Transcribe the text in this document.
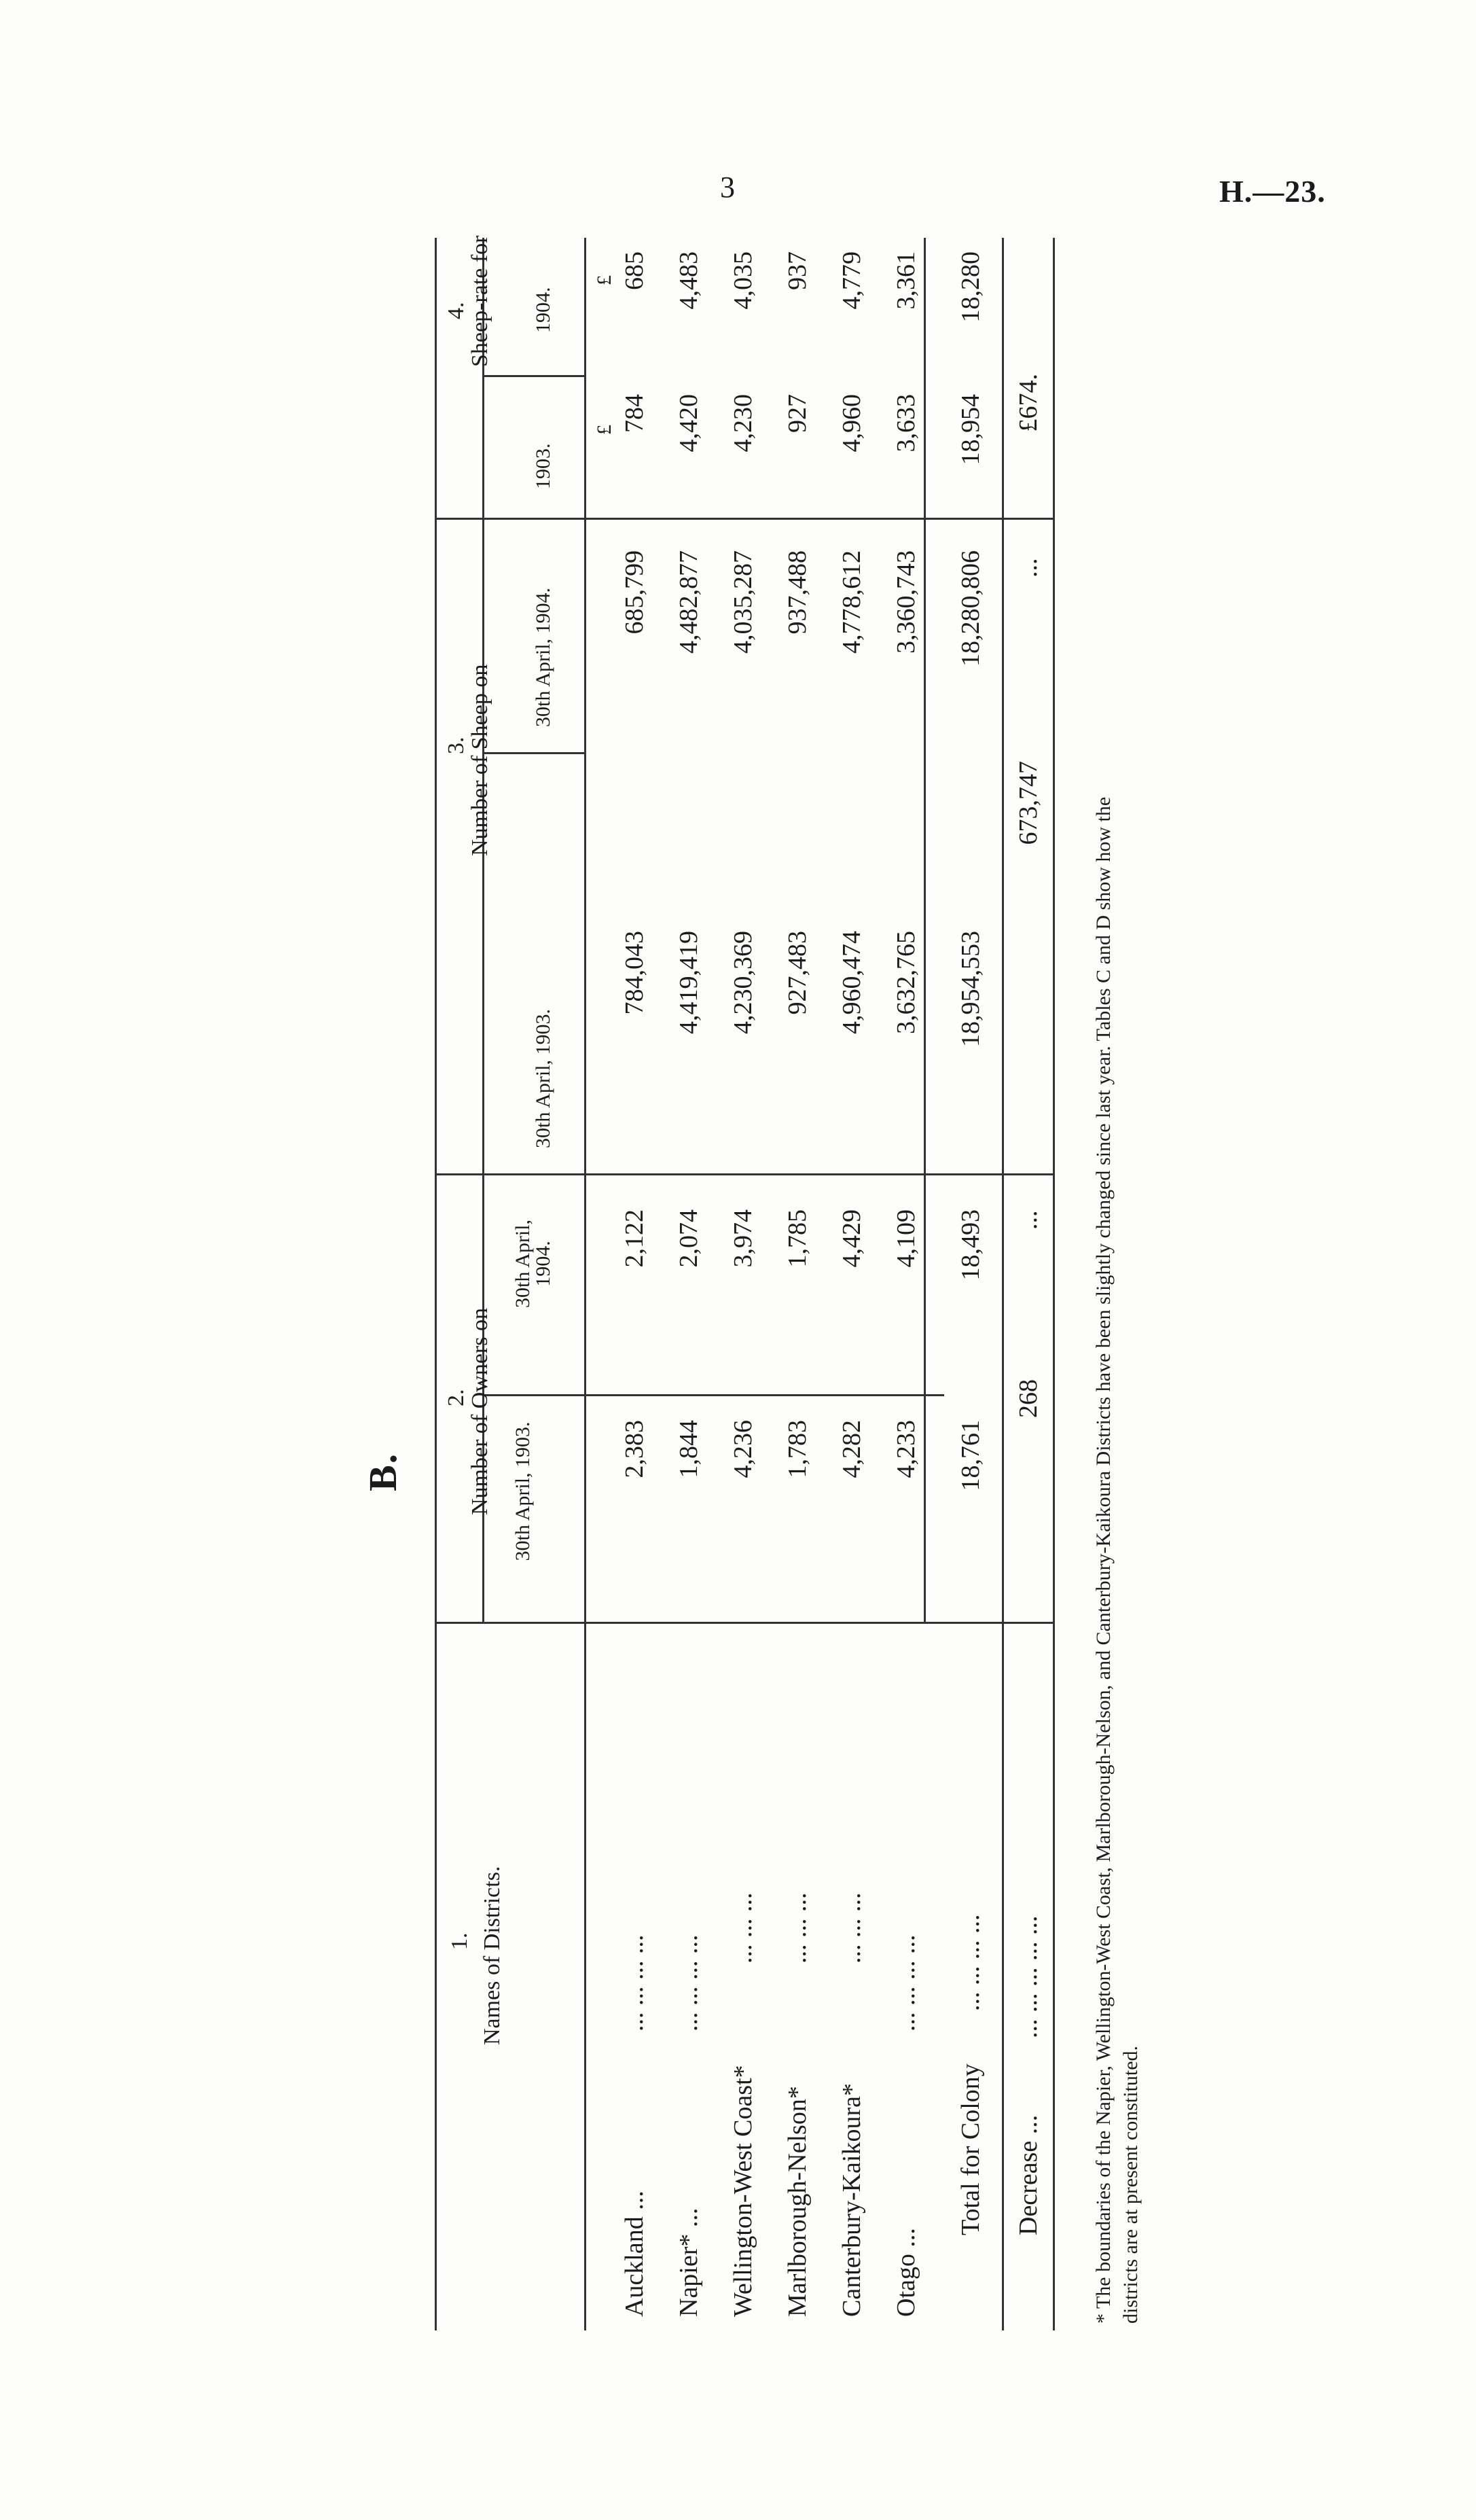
3	H.—23.
B.
1. Names of Districts.
2.
Number of Owners on 30th April, 1903.
30th April, 1904.
3.
Number of Sheep on
30th April, 1903.
30th April, 1904.
4.
Sheep-rate for
1903.
1904.
£
£
Auckland ...
... ... ... ...
2,383
2,122
784,043
685,799
784
685
Napier* ...
... ... ... ...
1,844
2,074
4,419,419
4,482,877
4,420
4,483
Wellington-West Coast*
... ... ...
4,236
3,974
4,230,369
4,035,287
4,230
4,035
Marlborough-Nelson*
... ... ...
1,783
1,785
927,483
937,488
927
937
Canterbury-Kaikoura*
... ... ...
4,282
4,429
4,960,474
4,778,612
4,960
4,779
Otago ...
... ... ... ...
4,233
4,109
3,632,765
3,360,743
3,633
3,361
Total for Colony
... ... ... ...
18,761
18,493
18,954,553
18,280,806
18,954
18,280
Decrease ...
... ... ... ... ...
268
...
673,747
...
£674.
* The boundaries of the Napier, Wellington-West Coast, Marlborough-Nelson, and Canterbury-Kaikoura Districts have been slightly changed since last year. Tables C and D show how the districts are at present constituted.
